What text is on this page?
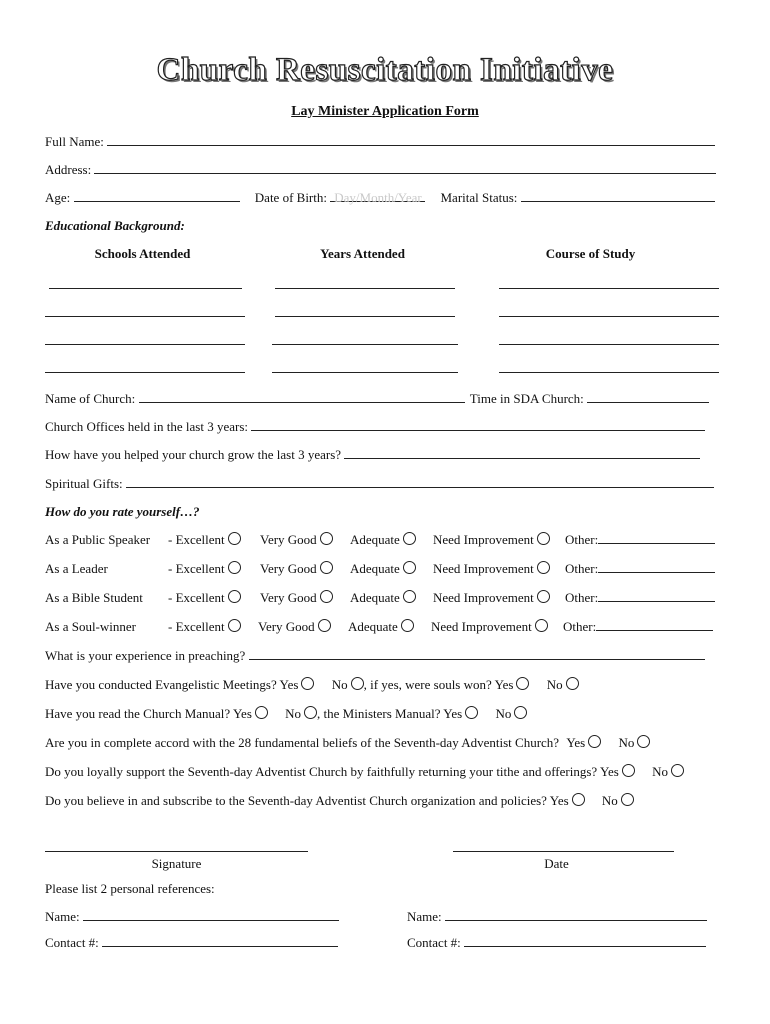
Church Resuscitation Initiative
Lay Minister Application Form
Full Name:
Address:
Age:	Date of Birth: Day/Month/Year Marital Status:
Educational Background:
Schools Attended	Years Attended	Course of Study
Name of Church:	Time in SDA Church:
Church Offices held in the last 3 years:
How have you helped your church grow the last 3 years?
Spiritual Gifts:
How do you rate yourself…?
As a Public Speaker - Excellent	Very Good	Adequate	Need Improvement	Other:
As a Leader	- Excellent	Very Good	Adequate	Need Improvement	Other:
As a Bible Student - Excellent	Very Good	Adequate	Need Improvement	Other:
As a Soul-winner - Excellent	Very Good	Adequate	Need Improvement	Other:
What is your experience in preaching?
Have you conducted Evangelistic Meetings? Yes	No , if yes, were souls won? Yes	No
Have you read the Church Manual? Yes	No , the Ministers Manual? Yes	No
Are you in complete accord with the 28 fundamental beliefs of the Seventh-day Adventist Church? Yes	No
Do you loyally support the Seventh-day Adventist Church by faithfully returning your tithe and offerings? Yes	No
Do you believe in and subscribe to the Seventh-day Adventist Church organization and policies? Yes	No
Signature	Date
Please list 2 personal references:
Name:	Name:
Contact #:	Contact #:
